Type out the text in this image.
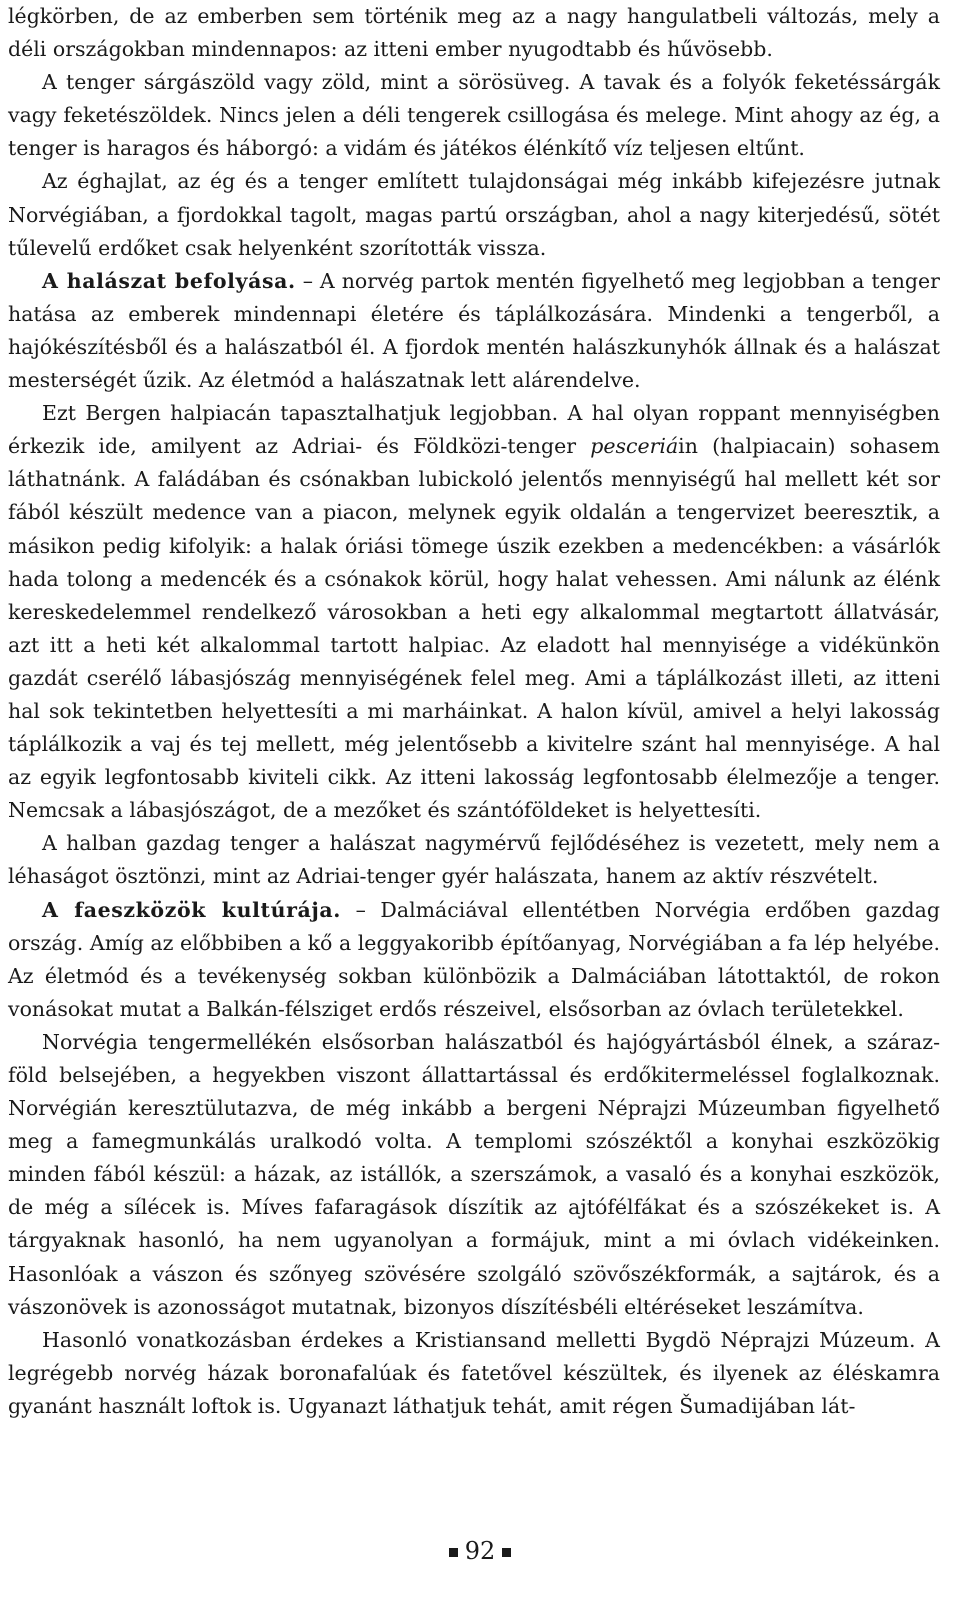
légkörben, de az emberben sem történik meg az a nagy hangulatbeli változás, mely a déli országokban mindennapos: az itteni ember nyugodtabb és hűvösebb.

A tenger sárgászöld vagy zöld, mint a sörösüveg. A tavak és a folyók feketéssárgák vagy feketészöldek. Nincs jelen a déli tengerek csillogása és melege. Mint ahogy az ég, a tenger is haragos és háborgó: a vidám és játékos élénkítő víz teljesen eltűnt.

Az éghajlat, az ég és a tenger említett tulajdonságai még inkább kifejezésre jutnak Norvégiában, a fjordokkal tagolt, magas partú országban, ahol a nagy kiterjedésű, sötét tűlevelű erdőket csak helyenként szorították vissza.

A halászat befolyása. – A norvég partok mentén figyelhető meg legjobban a tenger hatása az emberek mindennapi életére és táplálkozására. Mindenki a tengerből, a hajókészítésből és a halászatból él. A fjordok mentén halászkunyhók állnak és a halászat mesterségét űzik. Az életmód a halászatnak lett alárendelve.

Ezt Bergen halpiacán tapasztalhatjuk legjobban. A hal olyan roppant mennyiségben érkezik ide, amilyent az Adriai- és Földközi-tenger pesceriáin (halpiacain) sohasem láthatnánk. A faládában és csónakban lubickoló jelentős mennyiségű hal mellett két sor fából készült medence van a piacon, melynek egyik oldalán a tengervizet beeresztik, a másikon pedig kifolyik: a halak óriási tömege úszik ezekben a medencékben: a vásárlók hada tolong a medencék és a csónakok körül, hogy halat vehessen. Ami nálunk az élénk kereskedelemmel rendelkező városokban a heti egy alkalommal megtartott állatvásár, azt itt a heti két alkalommal tartott halpiac. Az eladott hal mennyisége a vidékünkön gazdát cserélő lábasjószág mennyiségének felel meg. Ami a táplálkozást illeti, az itteni hal sok tekintetben helyettesíti a mi marháinkat. A halon kívül, amivel a helyi lakosság táplálkozik a vaj és tej mellett, még jelentősebb a kivitelre szánt hal mennyisége. A hal az egyik legfontosabb kiviteli cikk. Az itteni lakosság legfontosabb élelmezője a tenger. Nemcsak a lábasjószágot, de a mezőket és szántóföldeket is helyettesíti.

A halban gazdag tenger a halászat nagymérvű fejlődéséhez is vezetett, mely nem a léhaságot ösztönzi, mint az Adriai-tenger gyér halászata, hanem az aktív részvételt.

A faeszközök kultúrája. – Dalmáciával ellentétben Norvégia erdőben gazdag ország. Amíg az előbbiben a kő a leggyakoribb építőanyag, Norvégiában a fa lép helyébe. Az életmód és a tevékenység sokban különbözik a Dalmáciában látottaktól, de rokon vonásokat mutat a Balkán-félsziget erdős részeivel, elsősorban az óvlach területekkel.

Norvégia tengermellékén elsősorban halászatból és hajógyártásból élnek, a szárazföld belsejében, a hegyekben viszont állattartással és erdőkitermeléssel foglalkoznak. Norvégián keresztülutazva, de még inkább a bergeni Néprajzi Múzeumban figyelhető meg a famegmunkálás uralkodó volta. A templomi szószéktől a konyhai eszközökig minden fából készül: a házak, az istállók, a szerszámok, a vasaló és a konyhai eszközök, de még a sílécek is. Míves fafaragások díszítik az ajtófélfákat és a szószékeket is. A tárgyaknak hasonló, ha nem ugyanolyan a formájuk, mint a mi óvlach vidékeinken. Hasonlóak a vászon és szőnyeg szövésére szolgáló szövőszékformák, a sajtárok, és a vászonövek is azonosságot mutatnak, bizonyos díszítésbéli eltéréseket leszámítva.

Hasonló vonatkozásban érdekes a Kristiansand melletti Bygdö Néprajzi Múzeum. A legrégebb norvég házak boronafalúak és fatetővel készültek, és ilyenek az éléskamra gyanánt használt loftok is. Ugyanazt láthatjuk tehát, amit régen Šumadijában lát-

92
